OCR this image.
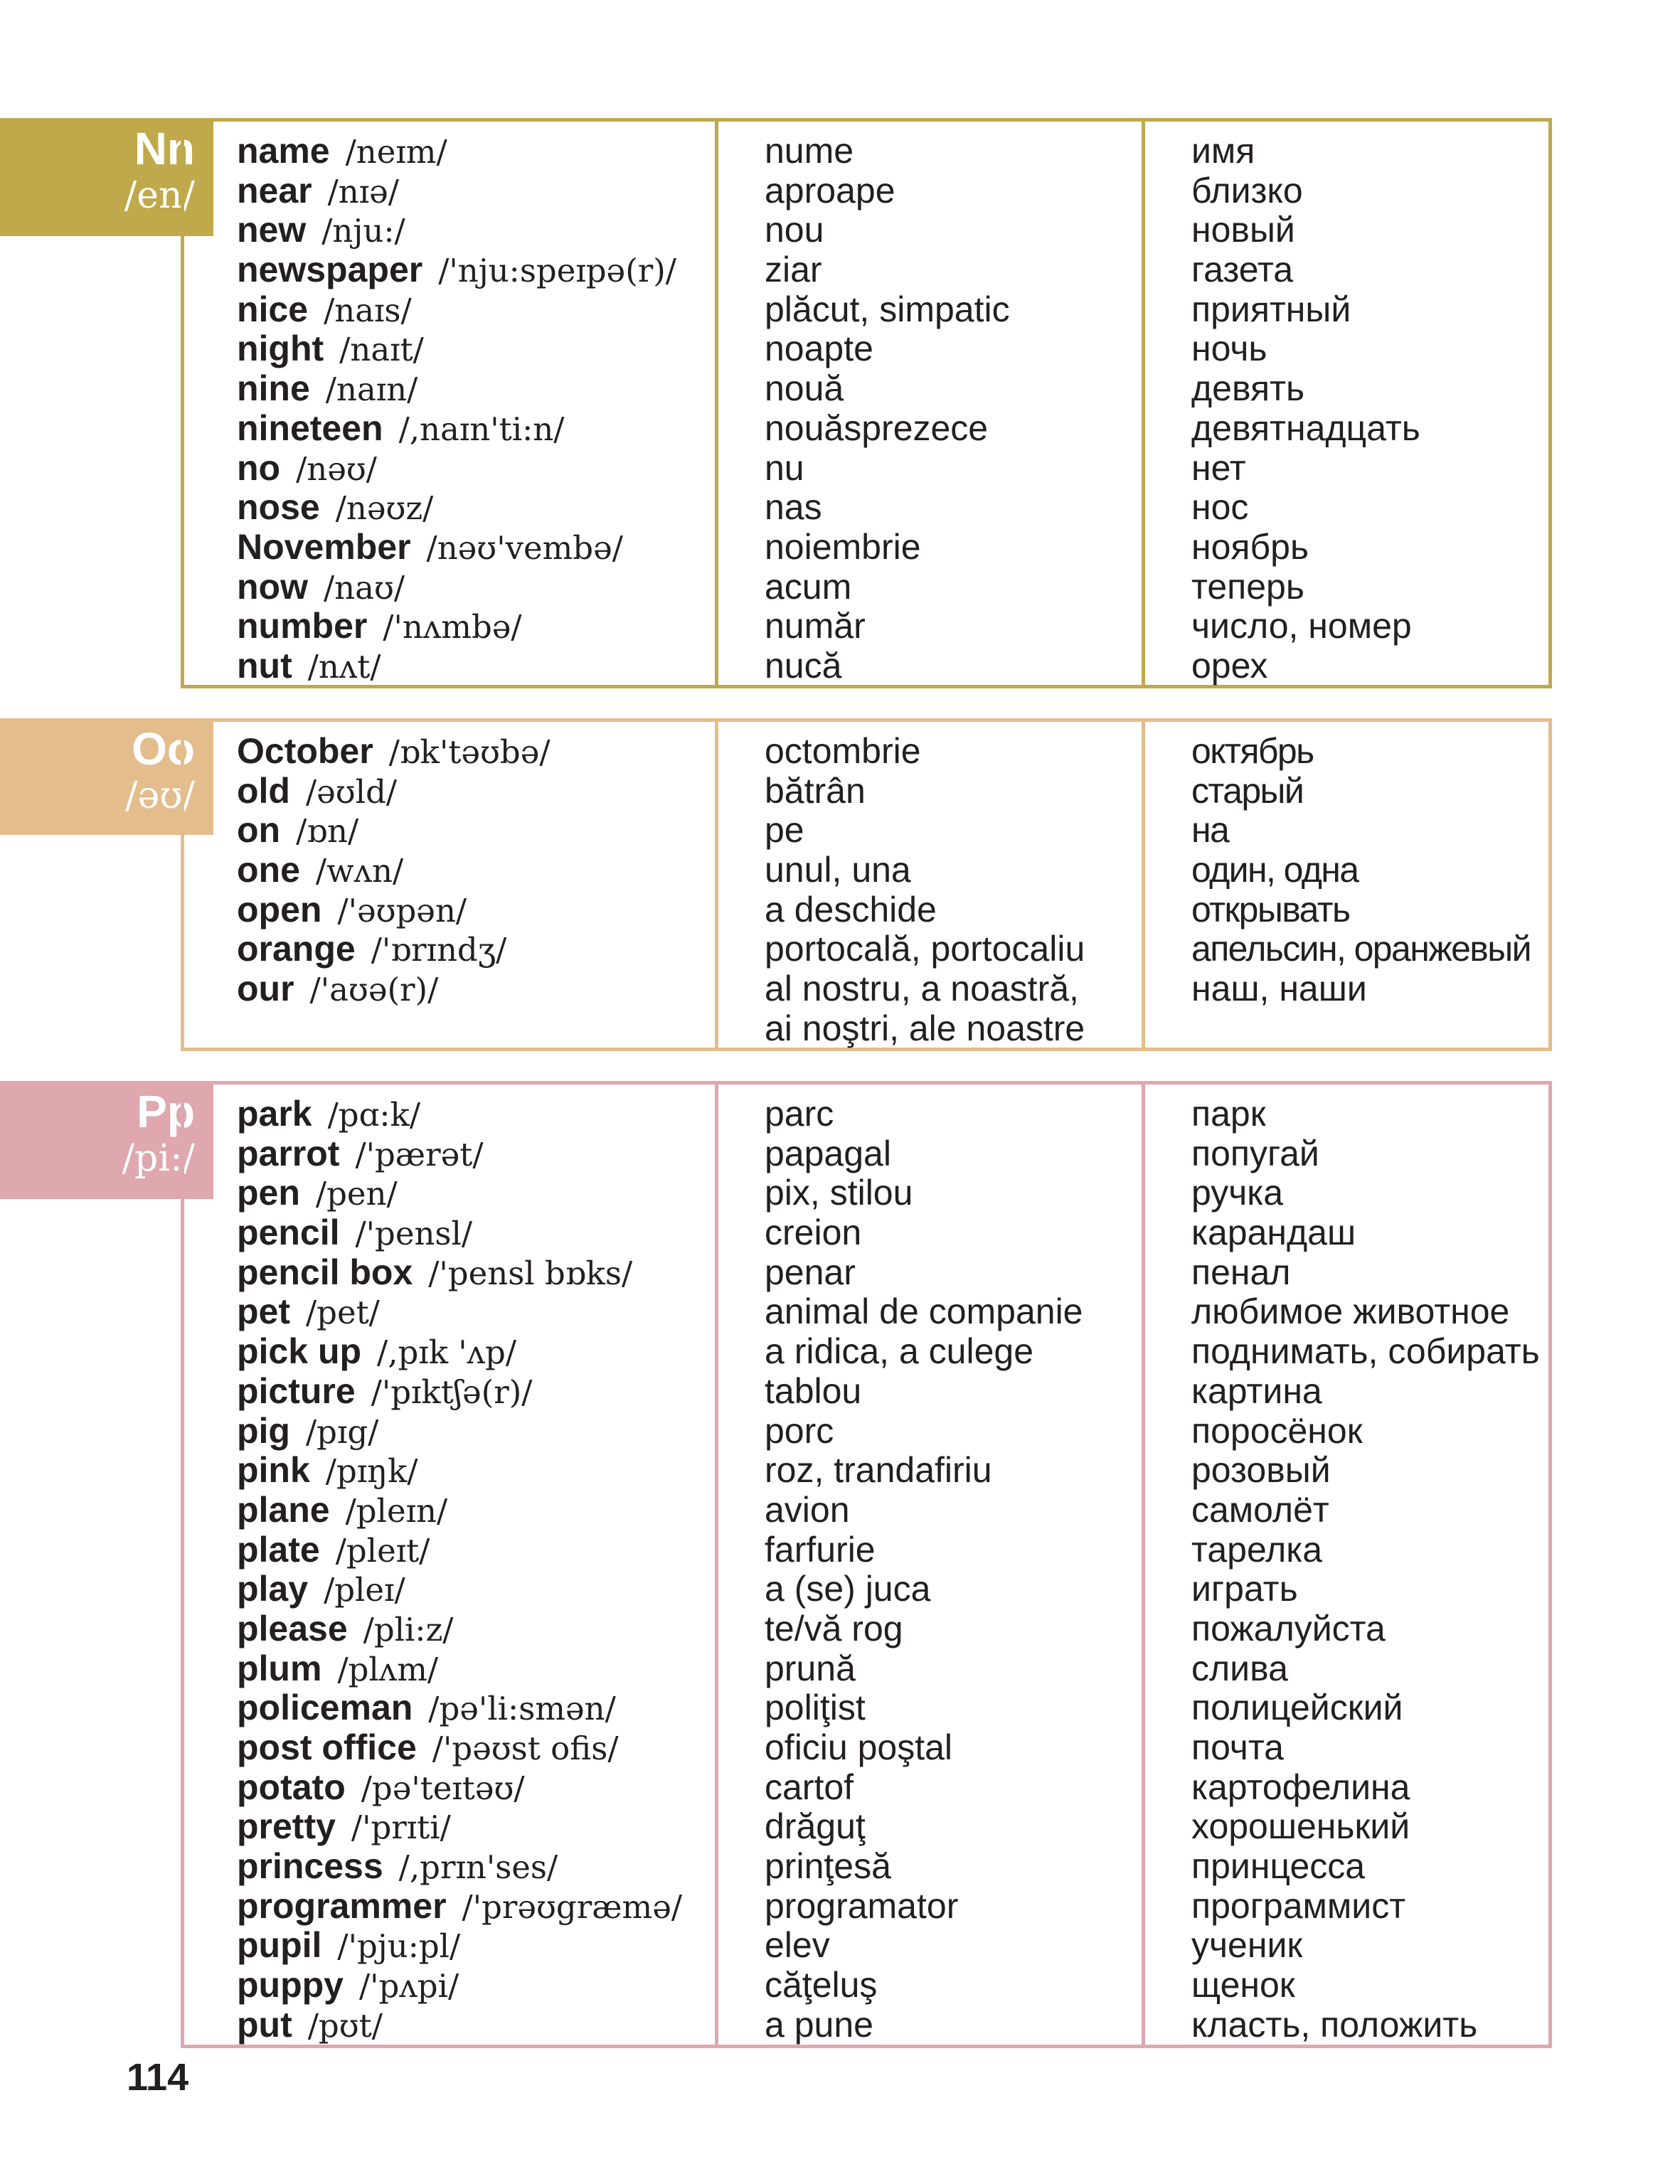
Nn
/en/
name /neɪm/
near /nɪə/
new /nju:/
newspaper /'nju:speɪpə(r)/
nice /naɪs/
night /naɪt/
nine /naɪn/
nineteen /,naɪn'ti:n/
no /nəʊ/
nose /nəʊz/
November /nəʊ'vembə/
now /naʊ/
number /'nʌmbə/
nut /nʌt/
nume
aproape
nou
ziar
plăcut, simpatic
noapte
nouă
nouăsprezece
nu
nas
noiembrie
acum
număr
nucă
имя
близко
новый
газета
приятный
ночь
девять
девятнадцать
нет
нос
ноябрь
теперь
число, номер
орех
Oo
/əʊ/
October /ɒk'təʊbə/
old /əʊld/
on /ɒn/
one /wʌn/
open /'əʊpən/
orange /'ɒrɪndʒ/
our /'aʊə(r)/
octombrie
bătrân
pe
unul, una
a deschide
portocală, portocaliu
al nostru, a noastră,
ai noştri, ale noastre
октябрь
старый
на
один, одна
открывать
апельсин, оранжевый
наш, наши
Pp
/pi:/
park /pɑ:k/
parrot /'pærət/
pen /pen/
pencil /'pensl/
pencil box /'pensl bɒks/
pet /pet/
pick up /,pɪk 'ʌp/
picture /'pɪktʃə(r)/
pig /pɪg/
pink /pɪŋk/
plane /pleɪn/
plate /pleɪt/
play /pleɪ/
please /pli:z/
plum /plʌm/
policeman /pə'li:smən/
post office /'pəʊst ofis/
potato /pə'teɪtəʊ/
pretty /'prɪti/
princess /,prɪn'ses/
programmer /'prəʊgræmə/
pupil /'pju:pl/
puppy /'pʌpi/
put /pʊt/
parc
papagal
pix, stilou
creion
penar
animal de companie
a ridica, a culege
tablou
porc
roz, trandafiriu
avion
farfurie
a (se) juca
te/vă rog
prună
poliţist
oficiu poştal
cartof
drăguţ
prinţesă
programator
elev
căţeluş
a pune
парк
попугай
ручка
карандаш
пенал
любимое животное
поднимать, собирать
картина
поросёнок
розовый
самолёт
тарелка
играть
пожалуйста
слива
полицейский
почта
картофелина
хорошенький
принцесса
программист
ученик
щенок
класть, положить
114
